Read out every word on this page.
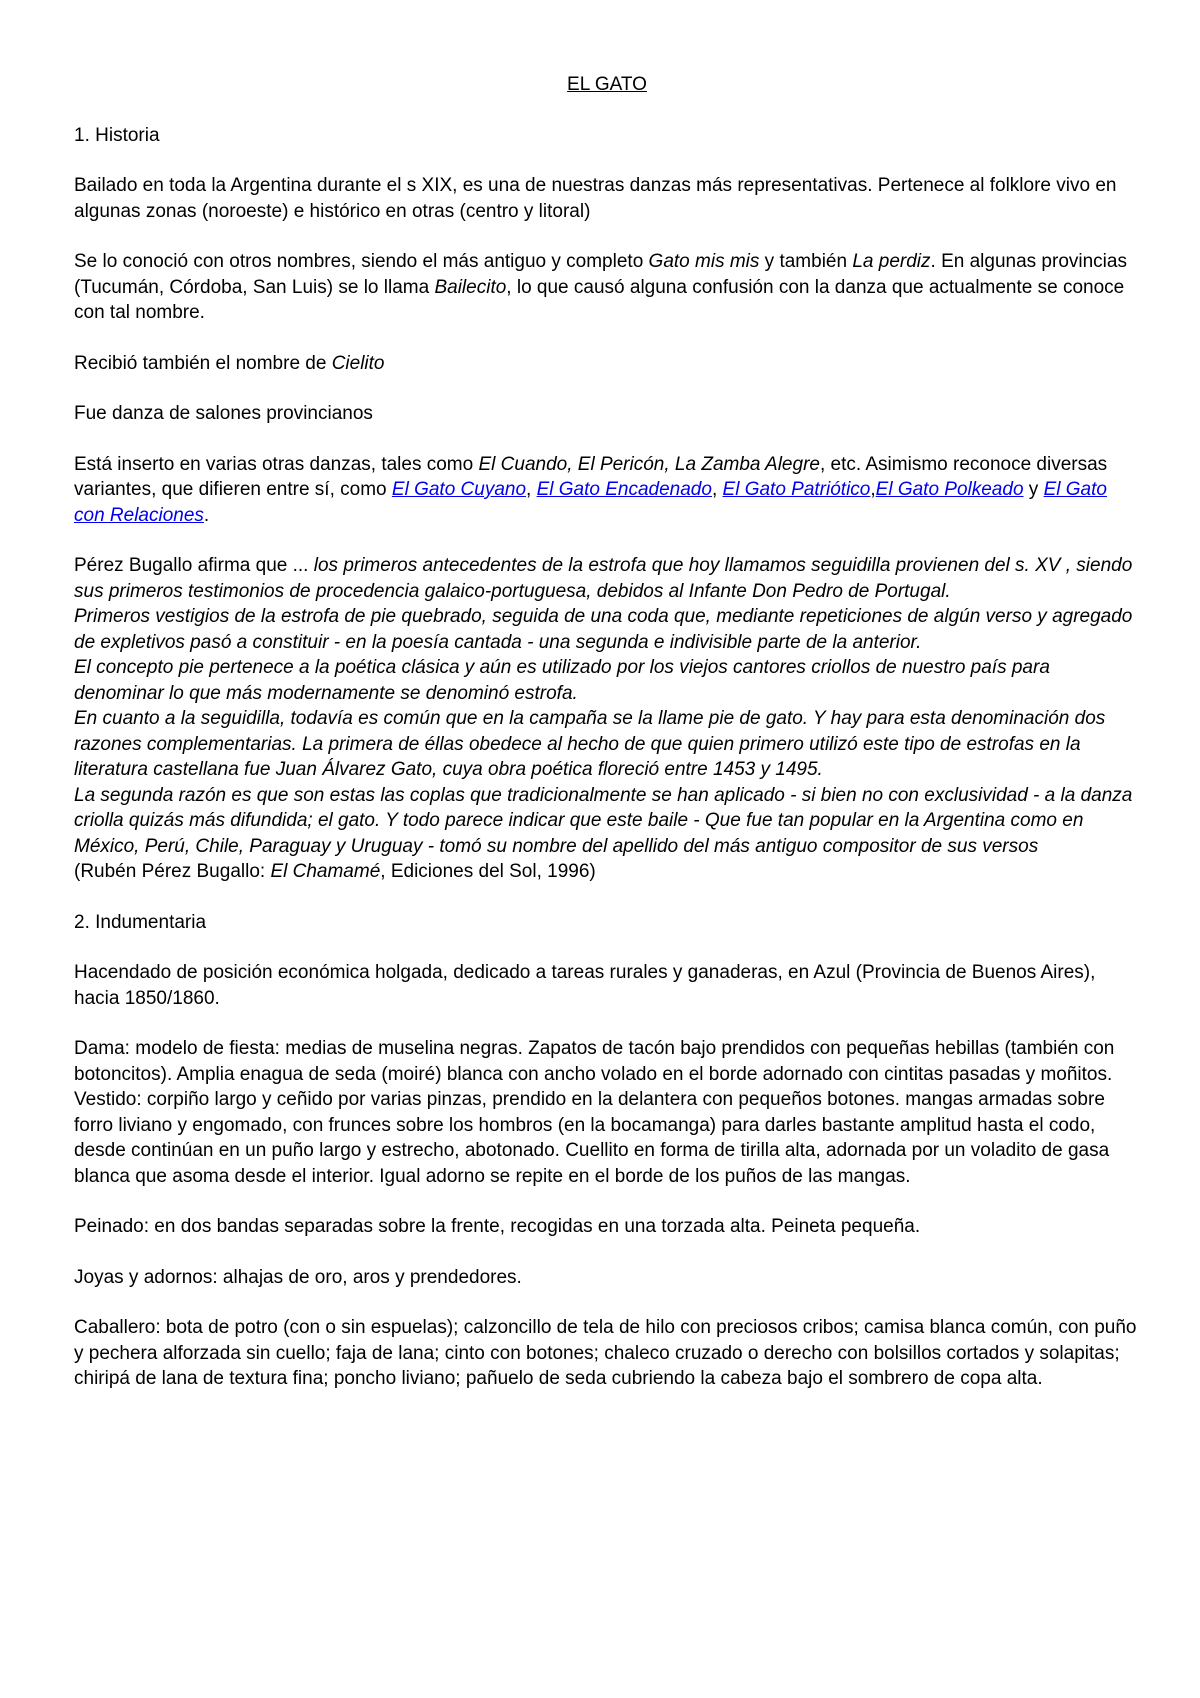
EL GATO

1. Historia

Bailado en toda la Argentina durante el s XIX, es una de nuestras danzas más representativas. Pertenece al folklore vivo en algunas zonas (noroeste) e histórico en otras (centro y litoral)

Se lo conoció con otros nombres, siendo el más antiguo y completo Gato mis mis y también La perdiz. En algunas provincias (Tucumán, Córdoba, San Luis) se lo llama Bailecito, lo que causó alguna confusión con la danza que actualmente se conoce con tal nombre.

Recibió también el nombre de Cielito

Fue danza de salones provincianos

Está inserto en varias otras danzas, tales como El Cuando, El Pericón, La Zamba Alegre, etc. Asimismo reconoce diversas variantes, que difieren entre sí, como El Gato Cuyano, El Gato Encadenado, El Gato Patriótico,El Gato Polkeado y El Gato con Relaciones.

Pérez Bugallo afirma que ... los primeros antecedentes de la estrofa que hoy llamamos seguidilla provienen del s. XV , siendo sus primeros testimonios de procedencia galaico-portuguesa, debidos al Infante Don Pedro de Portugal.
Primeros vestigios de la estrofa de pie quebrado, seguida de una coda que, mediante repeticiones de algún verso y agregado de expletivos pasó a constituir - en la poesía cantada - una segunda e indivisible parte de la anterior.
El concepto pie pertenece a la poética clásica y aún es utilizado por los viejos cantores criollos de nuestro país para denominar lo que más modernamente se denominó estrofa.
En cuanto a la seguidilla, todavía es común que en la campaña se la llame pie de gato. Y hay para esta denominación dos razones complementarias. La primera de éllas obedece al hecho de que quien primero utilizó este tipo de estrofas en la literatura castellana fue Juan Álvarez Gato, cuya obra poética floreció entre 1453 y 1495.
La segunda razón es que son estas las coplas que tradicionalmente se han aplicado - si bien no con exclusividad - a la danza criolla quizás más difundida; el gato. Y todo parece indicar que este baile - Que fue tan popular en la Argentina como en México, Perú, Chile, Paraguay y Uruguay - tomó su nombre del apellido del más antiguo compositor de sus versos
(Rubén Pérez Bugallo: El Chamamé, Ediciones del Sol, 1996)

2. Indumentaria

Hacendado de posición económica holgada, dedicado a tareas rurales y ganaderas, en Azul (Provincia de Buenos Aires), hacia 1850/1860.

Dama: modelo de fiesta: medias de muselina negras. Zapatos de tacón bajo prendidos con pequeñas hebillas (también con botoncitos). Amplia enagua de seda (moiré) blanca con ancho volado en el borde adornado con cintitas pasadas y moñitos. Vestido: corpiño largo y ceñido por varias pinzas, prendido en la delantera con pequeños botones. mangas armadas sobre forro liviano y engomado, con frunces sobre los hombros (en la bocamanga) para darles bastante amplitud hasta el codo, desde continúan en un puño largo y estrecho, abotonado. Cuellito en forma de tirilla alta, adornada por un voladito de gasa blanca que asoma desde el interior. Igual adorno se repite en el borde de los puños de las mangas.

Peinado: en dos bandas separadas sobre la frente, recogidas en una torzada alta. Peineta pequeña.

Joyas y adornos: alhajas de oro, aros y prendedores.

Caballero: bota de potro (con o sin espuelas); calzoncillo de tela de hilo con preciosos cribos; camisa blanca común, con puño y pechera alforzada sin cuello; faja de lana; cinto con botones; chaleco cruzado o derecho con bolsillos cortados y solapitas; chiripá de lana de textura fina; poncho liviano; pañuelo de seda cubriendo la cabeza bajo el sombrero de copa alta.
